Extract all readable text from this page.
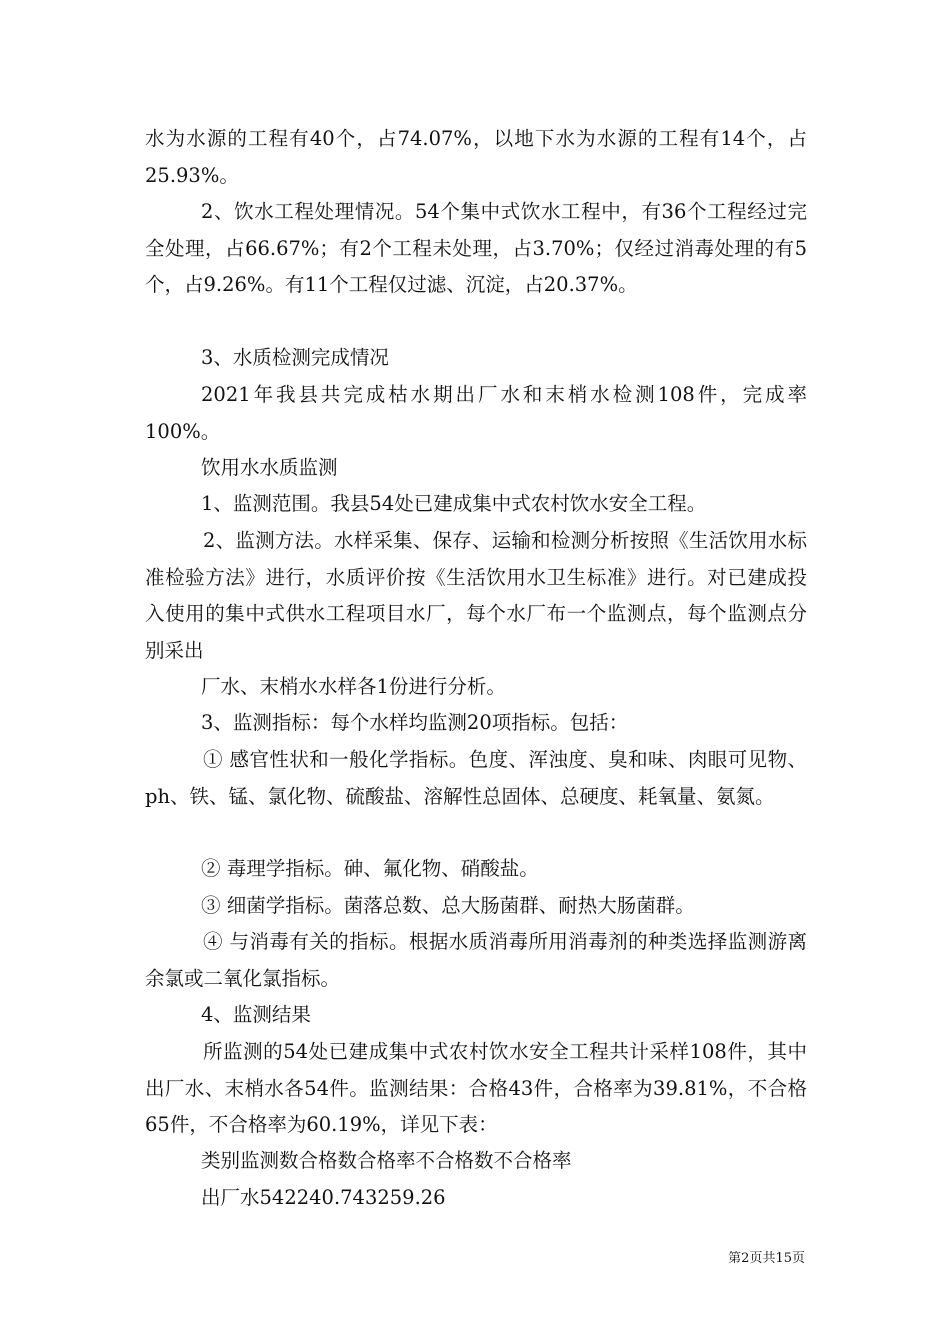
水为水源的工程有40个，占74.07%，以地下水为水源的工程有14个，占25.93%。

2、饮水工程处理情况。54个集中式饮水工程中，有36个工程经过完全处理，占66.67%；有2个工程未处理，占3.70%；仅经过消毒处理的有5个，占9.26%。有11个工程仅过滤、沉淀，占20.37%。

3、水质检测完成情况

2021年我县共完成枯水期出厂水和末梢水检测108件，完成率100%。

饮用水水质监测

1、监测范围。我县54处已建成集中式农村饮水安全工程。

2、监测方法。水样采集、保存、运输和检测分析按照《生活饮用水标准检验方法》进行，水质评价按《生活饮用水卫生标准》进行。对已建成投入使用的集中式供水工程项目水厂，每个水厂布一个监测点，每个监测点分别采出

厂水、末梢水水样各1份进行分析。

3、监测指标：每个水样均监测20项指标。包括：

① 感官性状和一般化学指标。色度、浑浊度、臭和味、肉眼可见物、ph、铁、锰、氯化物、硫酸盐、溶解性总固体、总硬度、耗氧量、氨氮。

② 毒理学指标。砷、氟化物、硝酸盐。

③ 细菌学指标。菌落总数、总大肠菌群、耐热大肠菌群。

④ 与消毒有关的指标。根据水质消毒所用消毒剂的种类选择监测游离余氯或二氧化氯指标。

4、监测结果

所监测的54处已建成集中式农村饮水安全工程共计采样108件，其中出厂水、末梢水各54件。监测结果：合格43件，合格率为39.81%，不合格65件，不合格率为60.19%，详见下表：

类别监测数合格数合格率不合格数不合格率

出厂水542240.743259.26

第2页共15页
